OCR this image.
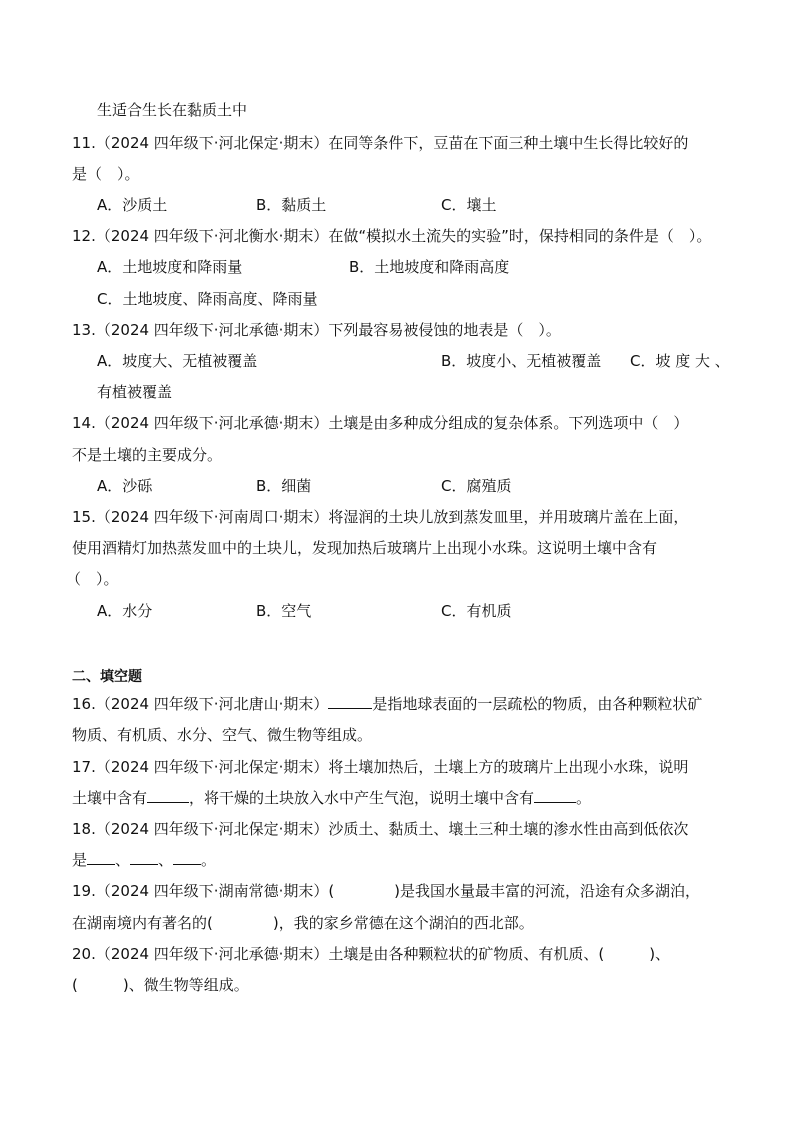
生适合生长在黏质土中

11.（2024 四年级下·河北保定·期末）在同等条件下，豆苗在下面三种土壤中生长得比较好的

是（　）。

A．沙质土	B．黏质土	C．壤土

12.（2024 四年级下·河北衡水·期末）在做“模拟水土流失的实验”时，保持相同的条件是（　）。

A．土地坡度和降雨量	B．土地坡度和降雨高度

C．土地坡度、降雨高度、降雨量

13.（2024 四年级下·河北承德·期末）下列最容易被侵蚀的地表是（　）。

A．坡度大、无植被覆盖	B．坡度小、无植被覆盖 C．坡 度 大 、

有植被覆盖

14.（2024 四年级下·河北承德·期末）土壤是由多种成分组成的复杂体系。下列选项中（　）

不是土壤的主要成分。

A．沙砾	B．细菌	C．腐殖质

15.（2024 四年级下·河南周口·期末）将湿润的土块儿放到蒸发皿里，并用玻璃片盖在上面，

使用酒精灯加热蒸发皿中的土块儿，发现加热后玻璃片上出现小水珠。这说明土壤中含有

（　）。

A．水分	B．空气	C．有机质

二、填空题

16.（2024 四年级下·河北唐山·期末）	是指地球表面的一层疏松的物质，由各种颗粒状矿

物质、有机质、水分、空气、微生物等组成。

17.（2024 四年级下·河北保定·期末）将土壤加热后，土壤上方的玻璃片上出现小水珠，说明

土壤中含有	，将干燥的土块放入水中产生气泡，说明土壤中含有	。

18.（2024 四年级下·河北保定·期末）沙质土、黏质土、壤土三种土壤的渗水性由高到低依次

是 、 、 。

19.（2024 四年级下·湖南常德·期末）(　　　　)是我国水量最丰富的河流，沿途有众多湖泊，

在湖南境内有著名的(　　　　)，我的家乡常德在这个湖泊的西北部。

20.（2024 四年级下·河北承德·期末）土壤是由各种颗粒状的矿物质、有机质、(　　　)、

(　　　)、微生物等组成。
